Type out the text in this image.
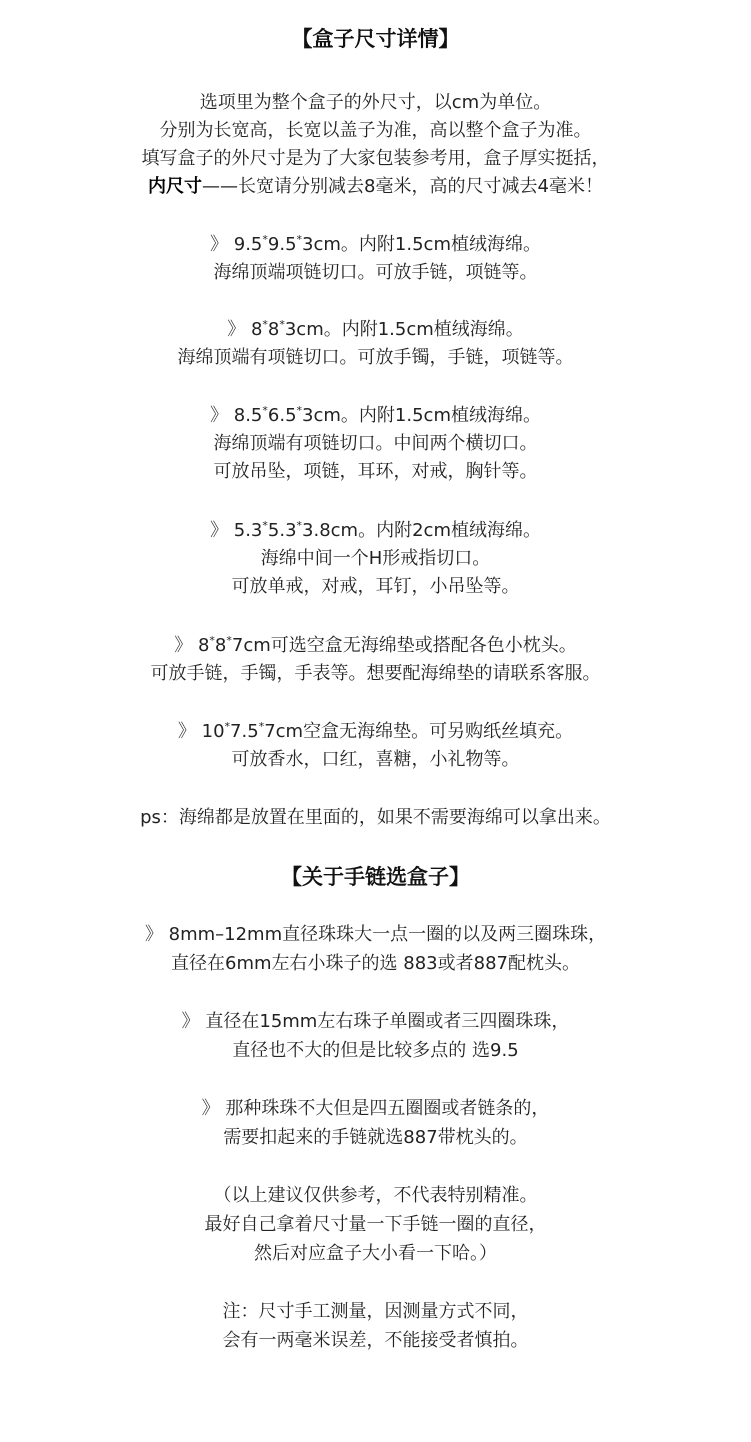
【盒子尺寸详情】
选项里为整个盒子的外尺寸，以cm为单位。
分别为长宽高，长宽以盖子为准，高以整个盒子为准。
填写盒子的外尺寸是为了大家包装参考用，盒子厚实挺括，
内尺寸——长宽请分别减去8毫米，高的尺寸减去4毫米！
》 9.5*9.5*3cm。内附1.5cm植绒海绵。
海绵顶端项链切口。可放手链，项链等。
》 8*8*3cm。内附1.5cm植绒海绵。
海绵顶端有项链切口。可放手镯，手链，项链等。
》 8.5*6.5*3cm。内附1.5cm植绒海绵。
海绵顶端有项链切口。中间两个横切口。
可放吊坠，项链，耳环，对戒，胸针等。
》 5.3*5.3*3.8cm。内附2cm植绒海绵。
海绵中间一个H形戒指切口。
可放单戒，对戒，耳钉，小吊坠等。
》 8*8*7cm可选空盒无海绵垫或搭配各色小枕头。
可放手链，手镯，手表等。想要配海绵垫的请联系客服。
》 10*7.5*7cm空盒无海绵垫。可另购纸丝填充。
可放香水，口红，喜糖，小礼物等。
ps：海绵都是放置在里面的，如果不需要海绵可以拿出来。
【关于手链选盒子】
》 8mm–12mm直径珠珠大一点一圈的以及两三圈珠珠，
直径在6mm左右小珠子的选 883或者887配枕头。
》 直径在15mm左右珠子单圈或者三四圈珠珠，
直径也不大的但是比较多点的 选9.5
》 那种珠珠不大但是四五圈圈或者链条的，
需要扣起来的手链就选887带枕头的。
（以上建议仅供参考，不代表特别精准。
最好自己拿着尺寸量一下手链一圈的直径，
然后对应盒子大小看一下哈。）
注：尺寸手工测量，因测量方式不同，
会有一两毫米误差，不能接受者慎拍。
